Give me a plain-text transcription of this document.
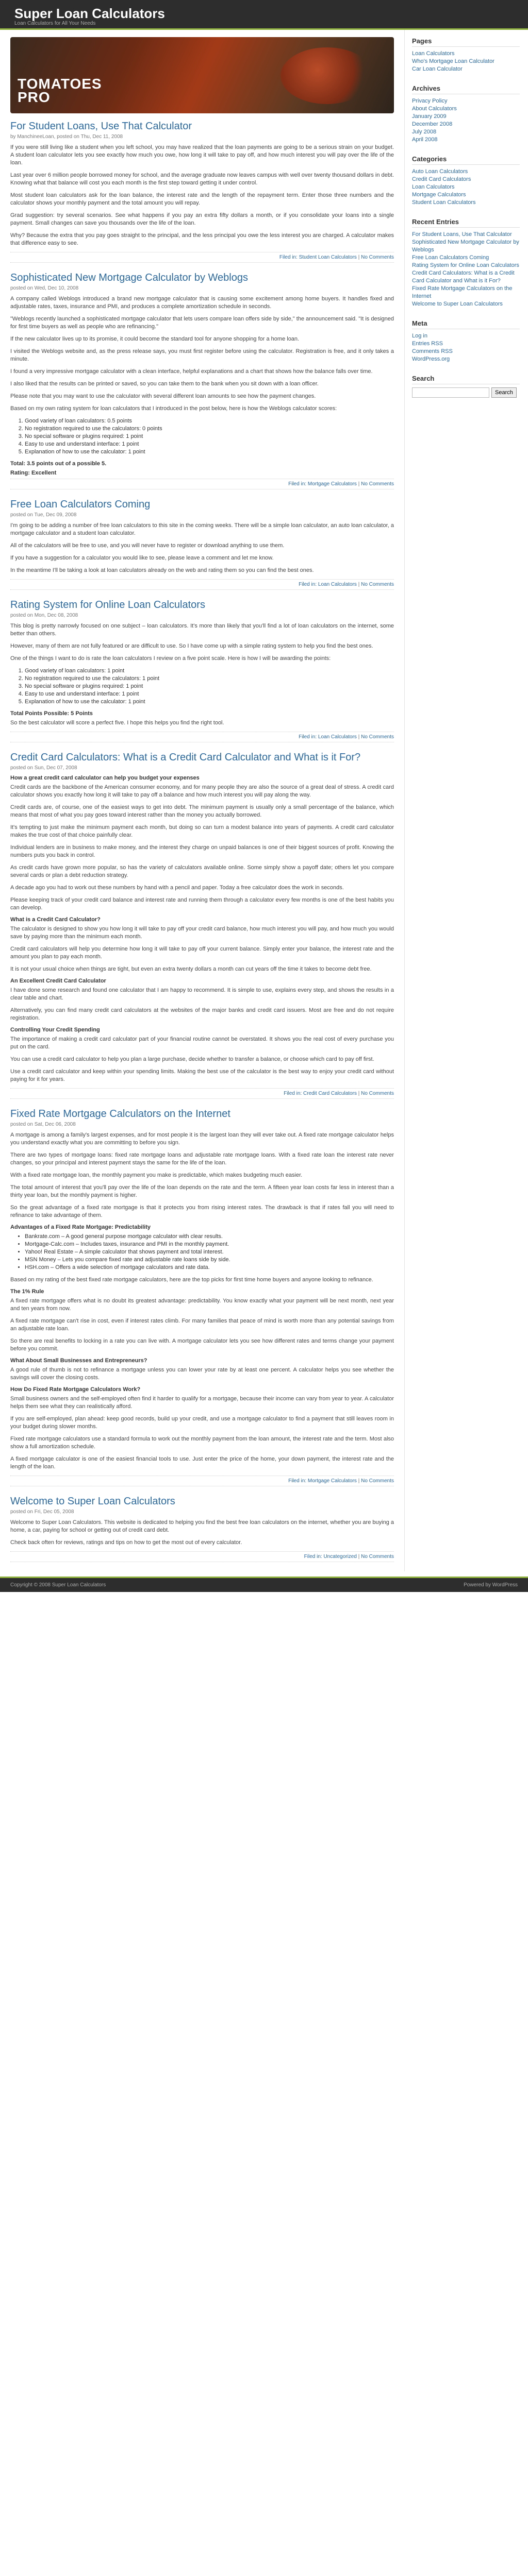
Super Loan Calculators
Loan Calculators for All Your Needs
TOMATOES
PRO
For Student Loans, Use That Calculator
by ManchineeLoan, posted on Thu, Dec 11, 2008

If you were still living like a student when you left school, you may have realized that the loan payments are going to be a serious strain on your budget. A student loan calculator lets you see exactly how much you owe, how long it will take to pay off, and how much interest you will pay over the life of the loan.

Last year over 6 million people borrowed money for school, and the average graduate now leaves campus with well over twenty thousand dollars in debt. Knowing what that balance will cost you each month is the first step toward getting it under control.

Most student loan calculators ask for the loan balance, the interest rate and the length of the repayment term. Enter those three numbers and the calculator shows your monthly payment and the total amount you will repay.

Grad suggestion: try several scenarios. See what happens if you pay an extra fifty dollars a month, or if you consolidate your loans into a single payment. Small changes can save you thousands over the life of the loan.

Why? Because the extra that you pay goes straight to the principal, and the less principal you owe the less interest you are charged. A calculator makes that difference easy to see.

Filed in: Student Loan Calculators | No Comments
Sophisticated New Mortgage Calculator by Weblogs
posted on Wed, Dec 10, 2008

A company called Weblogs introduced a brand new mortgage calculator that is causing some excitement among home buyers. It handles fixed and adjustable rates, taxes, insurance and PMI, and produces a complete amortization schedule in seconds.

"Weblogs recently launched a sophisticated mortgage calculator that lets users compare loan offers side by side," the announcement said. "It is designed for first time buyers as well as people who are refinancing."

If the new calculator lives up to its promise, it could become the standard tool for anyone shopping for a home loan.

I visited the Weblogs website and, as the press release says, you must first register before using the calculator. Registration is free, and it only takes a minute.

I found a very impressive mortgage calculator with a clean interface, helpful explanations and a chart that shows how the balance falls over time.

I also liked that the results can be printed or saved, so you can take them to the bank when you sit down with a loan officer.

Please note that you may want to use the calculator with several different loan amounts to see how the payment changes.

Based on my own rating system for loan calculators that I introduced in the post below, here is how the Weblogs calculator scores:

1. Good variety of loan calculators: 0.5 points
2. No registration required to use the calculators: 0 points
3. No special software or plugins required: 1 point
4. Easy to use and understand interface: 1 point
5. Explanation of how to use the calculator: 1 point
Total: 3.5 points out of a possible 5.
Rating: Excellent
Filed in: Mortgage Calculators | No Comments
Free Loan Calculators Coming
posted on Tue, Dec 09, 2008

I'm going to be adding a number of free loan calculators to this site in the coming weeks. There will be a simple loan calculator, an auto loan calculator, a mortgage calculator and a student loan calculator.

All of the calculators will be free to use, and you will never have to register or download anything to use them.

If you have a suggestion for a calculator you would like to see, please leave a comment and let me know.

In the meantime I'll be taking a look at loan calculators already on the web and rating them so you can find the best ones.

Filed in: Loan Calculators | No Comments
Rating System for Online Loan Calculators
posted on Mon, Dec 08, 2008

This blog is pretty narrowly focused on one subject – loan calculators. It's more than likely that you'll find a lot of loan calculators on the internet, some better than others.

However, many of them are not fully featured or are difficult to use. So I have come up with a simple rating system to help you find the best ones.

One of the things I want to do is rate the loan calculators I review on a five point scale. Here is how I will be awarding the points:

1. Good variety of loan calculators: 1 point
2. No registration required to use the calculators: 1 point
3. No special software or plugins required: 1 point
4. Easy to use and understand interface: 1 point
5. Explanation of how to use the calculator: 1 point
Total Points Possible: 5 Points

So the best calculator will score a perfect five. I hope this helps you find the right tool.

Filed in: Loan Calculators | No Comments
Credit Card Calculators: What is a Credit Card Calculator and What is it For?
posted on Sun, Dec 07, 2008
How a great credit card calculator can help you budget your expenses

Credit cards are the backbone of the American consumer economy, and for many people they are also the source of a great deal of stress. A credit card calculator shows you exactly how long it will take to pay off a balance and how much interest you will pay along the way.

Credit cards are, of course, one of the easiest ways to get into debt. The minimum payment is usually only a small percentage of the balance, which means that most of what you pay goes toward interest rather than the money you actually borrowed.

It's tempting to just make the minimum payment each month, but doing so can turn a modest balance into years of payments. A credit card calculator makes the true cost of that choice painfully clear.

Individual lenders are in business to make money, and the interest they charge on unpaid balances is one of their biggest sources of profit. Knowing the numbers puts you back in control.

As credit cards have grown more popular, so has the variety of calculators available online. Some simply show a payoff date; others let you compare several cards or plan a debt reduction strategy.

A decade ago you had to work out these numbers by hand with a pencil and paper. Today a free calculator does the work in seconds.

Please keeping track of your credit card balance and interest rate and running them through a calculator every few months is one of the best habits you can develop.

What is a Credit Card Calculator?

The calculator is designed to show you how long it will take to pay off your credit card balance, how much interest you will pay, and how much you would save by paying more than the minimum each month.

Credit card calculators will help you determine how long it will take to pay off your current balance. Simply enter your balance, the interest rate and the amount you plan to pay each month.

It is not your usual choice when things are tight, but even an extra twenty dollars a month can cut years off the time it takes to become debt free.

An Excellent Credit Card Calculator

I have done some research and found one calculator that I am happy to recommend. It is simple to use, explains every step, and shows the results in a clear table and chart.

Alternatively, you can find many credit card calculators at the websites of the major banks and credit card issuers. Most are free and do not require registration.

Controlling Your Credit Spending

The importance of making a credit card calculator part of your financial routine cannot be overstated. It shows you the real cost of every purchase you put on the card.

You can use a credit card calculator to help you plan a large purchase, decide whether to transfer a balance, or choose which card to pay off first.

Use a credit card calculator and keep within your spending limits. Making the best use of the calculator is the best way to enjoy your credit card without paying for it for years.

Filed in: Credit Card Calculators | No Comments
Fixed Rate Mortgage Calculators on the Internet
posted on Sat, Dec 06, 2008

A mortgage is among a family's largest expenses, and for most people it is the largest loan they will ever take out. A fixed rate mortgage calculator helps you understand exactly what you are committing to before you sign.

There are two types of mortgage loans: fixed rate mortgage loans and adjustable rate mortgage loans. With a fixed rate loan the interest rate never changes, so your principal and interest payment stays the same for the life of the loan.

With a fixed rate mortgage loan, the monthly payment you make is predictable, which makes budgeting much easier.

The total amount of interest that you'll pay over the life of the loan depends on the rate and the term. A fifteen year loan costs far less in interest than a thirty year loan, but the monthly payment is higher.

So the great advantage of a fixed rate mortgage is that it protects you from rising interest rates. The drawback is that if rates fall you will need to refinance to take advantage of them.

Advantages of a Fixed Rate Mortgage: Predictability
• Bankrate.com – A good general purpose mortgage calculator with clear results.
• Mortgage-Calc.com – Includes taxes, insurance and PMI in the monthly payment.
• Yahoo! Real Estate – A simple calculator that shows payment and total interest.
• MSN Money – Lets you compare fixed rate and adjustable rate loans side by side.
• HSH.com – Offers a wide selection of mortgage calculators and rate data.

Based on my rating of the best fixed rate mortgage calculators, here are the top picks for first time home buyers and anyone looking to refinance.

The 1% Rule

A fixed rate mortgage offers what is no doubt its greatest advantage: predictability. You know exactly what your payment will be next month, next year and ten years from now.

A fixed rate mortgage can't rise in cost, even if interest rates climb. For many families that peace of mind is worth more than any potential savings from an adjustable rate loan.

So there are real benefits to locking in a rate you can live with. A mortgage calculator lets you see how different rates and terms change your payment before you commit.

What About Small Businesses and Entrepreneurs?

A good rule of thumb is not to refinance a mortgage unless you can lower your rate by at least one percent. A calculator helps you see whether the savings will cover the closing costs.

How Do Fixed Rate Mortgage Calculators Work?

Small business owners and the self-employed often find it harder to qualify for a mortgage, because their income can vary from year to year. A calculator helps them see what they can realistically afford.

If you are self-employed, plan ahead: keep good records, build up your credit, and use a mortgage calculator to find a payment that still leaves room in your budget during slower months.

Fixed rate mortgage calculators use a standard formula to work out the monthly payment from the loan amount, the interest rate and the term. Most also show a full amortization schedule.

A fixed mortgage calculator is one of the easiest financial tools to use. Just enter the price of the home, your down payment, the interest rate and the length of the loan.

Filed in: Mortgage Calculators | No Comments
Welcome to Super Loan Calculators
posted on Fri, Dec 05, 2008

Welcome to Super Loan Calculators. This website is dedicated to helping you find the best free loan calculators on the internet, whether you are buying a home, a car, paying for school or getting out of credit card debt.

Check back often for reviews, ratings and tips on how to get the most out of every calculator.

Filed in: Uncategorized | No Comments
Pages
Loan Calculators
Who's Mortgage Loan Calculator
Car Loan Calculator
Archives
Privacy Policy
About Calculators
January 2009
December 2008
July 2008
April 2008
Categories
Auto Loan Calculators
Credit Card Calculators
Loan Calculators
Mortgage Calculators
Student Loan Calculators
Recent Entries
For Student Loans, Use That Calculator
Sophisticated New Mortgage Calculator by Weblogs
Free Loan Calculators Coming
Rating System for Online Loan Calculators
Credit Card Calculators: What is a Credit Card Calculator and What is it For?
Fixed Rate Mortgage Calculators on the Internet
Welcome to Super Loan Calculators
Meta
Log in
Entries RSS
Comments RSS
WordPress.org
Search
Search
Copyright © 2008 Super Loan Calculators	Powered by WordPress
